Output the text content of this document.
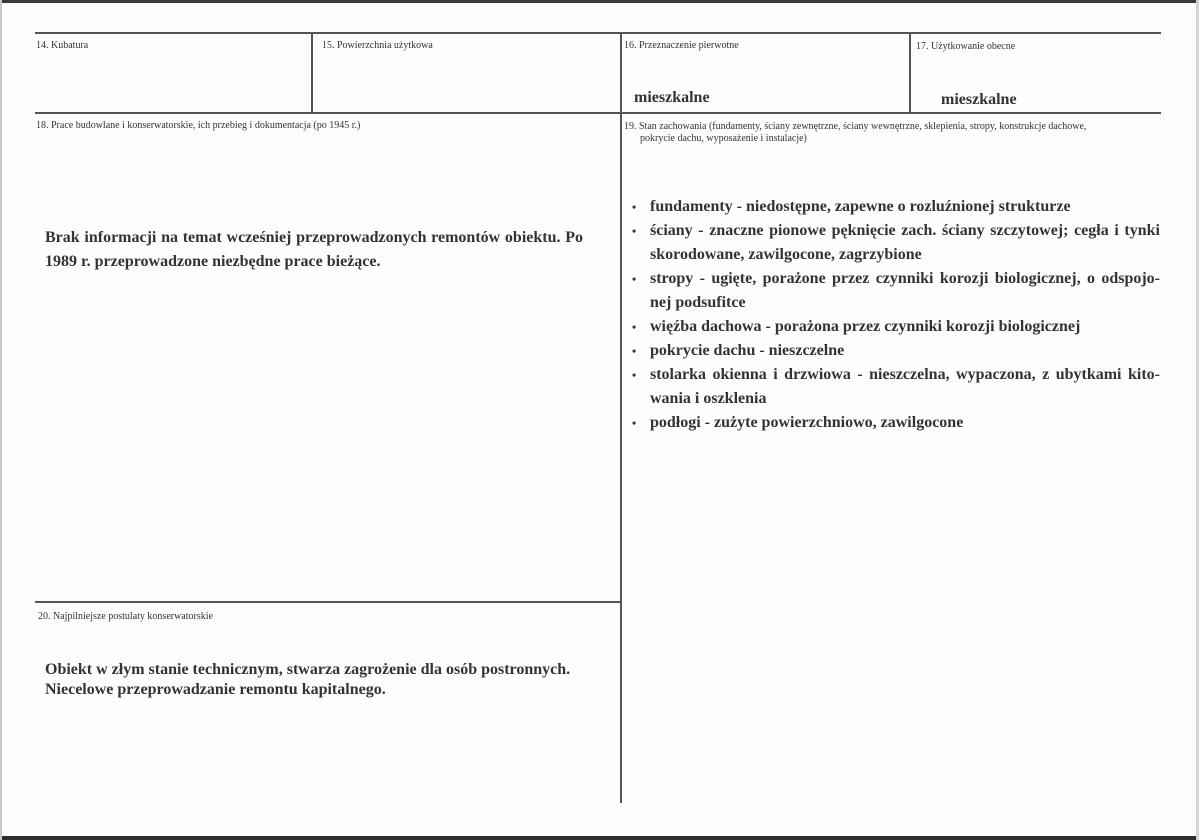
14. Kubatura	15. Powierzchnia użytkowa	16. Przeznaczenie pierwotne
mieszkalne
17. Użytkowanie obecne
mieszkalne
18. Prace budowlane i konserwatorskie, ich przebieg i dokumentacja (po 1945 r.)
Brak informacji na temat wcześniej przeprowadzonych remontów obiektu. Po 1989 r. przeprowadzone niezbędne prace bieżące.
19. Stan zachowania (fundamenty, ściany zewnętrzne, ściany wewnętrzne, sklepienia, stropy, konstrukcje dachowe,
pokrycie dachu, wyposażenie i instalacje)
• fundamenty - niedostępne, zapewne o rozluźnionej strukturze
• ściany - znaczne pionowe pęknięcie zach. ściany szczytowej; cegła i tynki skorodowane, zawilgocone, zagrzybione
• stropy - ugięte, porażone przez czynniki korozji biologicznej, o odspojo-nej podsufitce
• więźba dachowa - porażona przez czynniki korozji biologicznej
• pokrycie dachu - nieszczelne
• stolarka okienna i drzwiowa - nieszczelna, wypaczona, z ubytkami kito-wania i oszklenia
• podłogi - zużyte powierzchniowo, zawilgocone
20. Najpilniejsze postulaty konserwatorskie
Obiekt w złym stanie technicznym, stwarza zagrożenie dla osób postronnych.
Niecelowe przeprowadzanie remontu kapitalnego.
